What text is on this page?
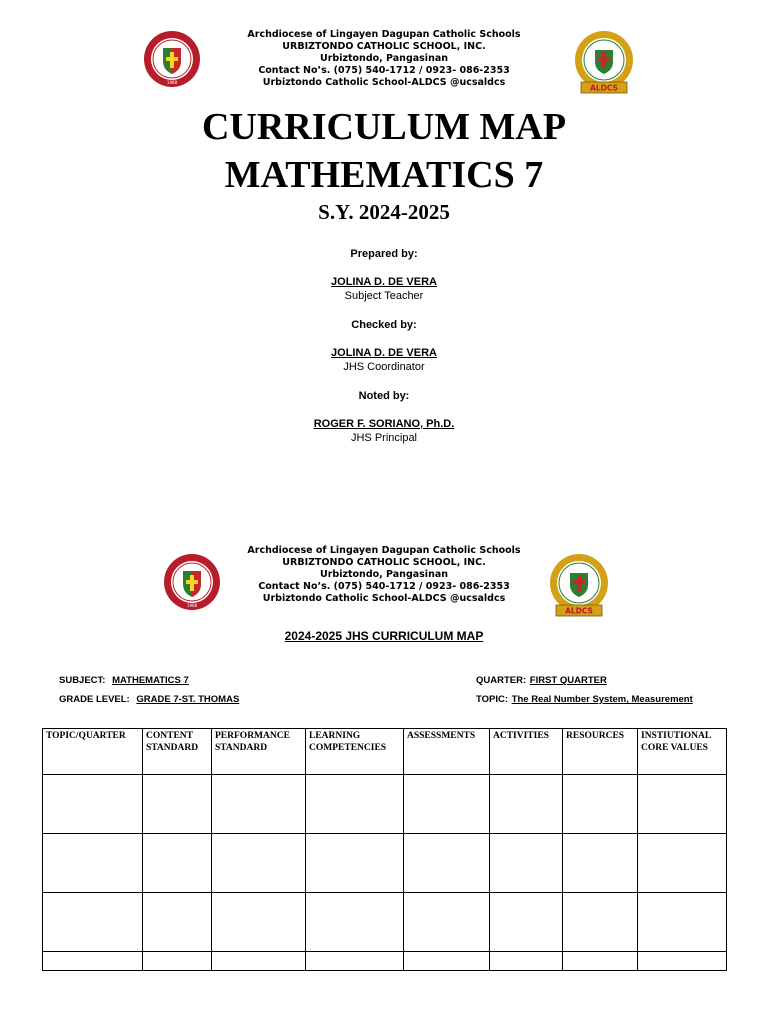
1968
Archdiocese of Lingayen Dagupan Catholic Schools
URBIZTONDO CATHOLIC SCHOOL, INC.
Urbiztondo, Pangasinan
Contact No’s. (075) 540-1712 / 0923- 086-2353
Urbiztondo Catholic School-ALDCS @ucsaldcs	ALDCS
CURRICULUM MAP
MATHEMATICS 7
S.Y. 2024-2025
Prepared by:
JOLINA D. DE VERA
Subject Teacher
Checked by:
JOLINA D. DE VERA
JHS Coordinator
Noted by:
ROGER F. SORIANO, Ph.D.
JHS Principal
1968
Archdiocese of Lingayen Dagupan Catholic Schools
URBIZTONDO CATHOLIC SCHOOL, INC.
Urbiztondo, Pangasinan
Contact No’s. (075) 540-1712 / 0923- 086-2353
Urbiztondo Catholic School-ALDCS @ucsaldcs
ALDCS
2024-2025 JHS CURRICULUM MAP
SUBJECT: MATHEMATICS 7
GRADE LEVEL: GRADE 7-ST. THOMAS
QUARTER: FIRST QUARTER
TOPIC: The Real Number System, Measurement
TOPIC/QUARTER	CONTENT STANDARD	PERFORMANCE STANDARD	LEARNING COMPETENCIES	ASSESSMENTS	ACTIVITIES	RESOURCES	INSTIUTIONAL CORE VALUES
